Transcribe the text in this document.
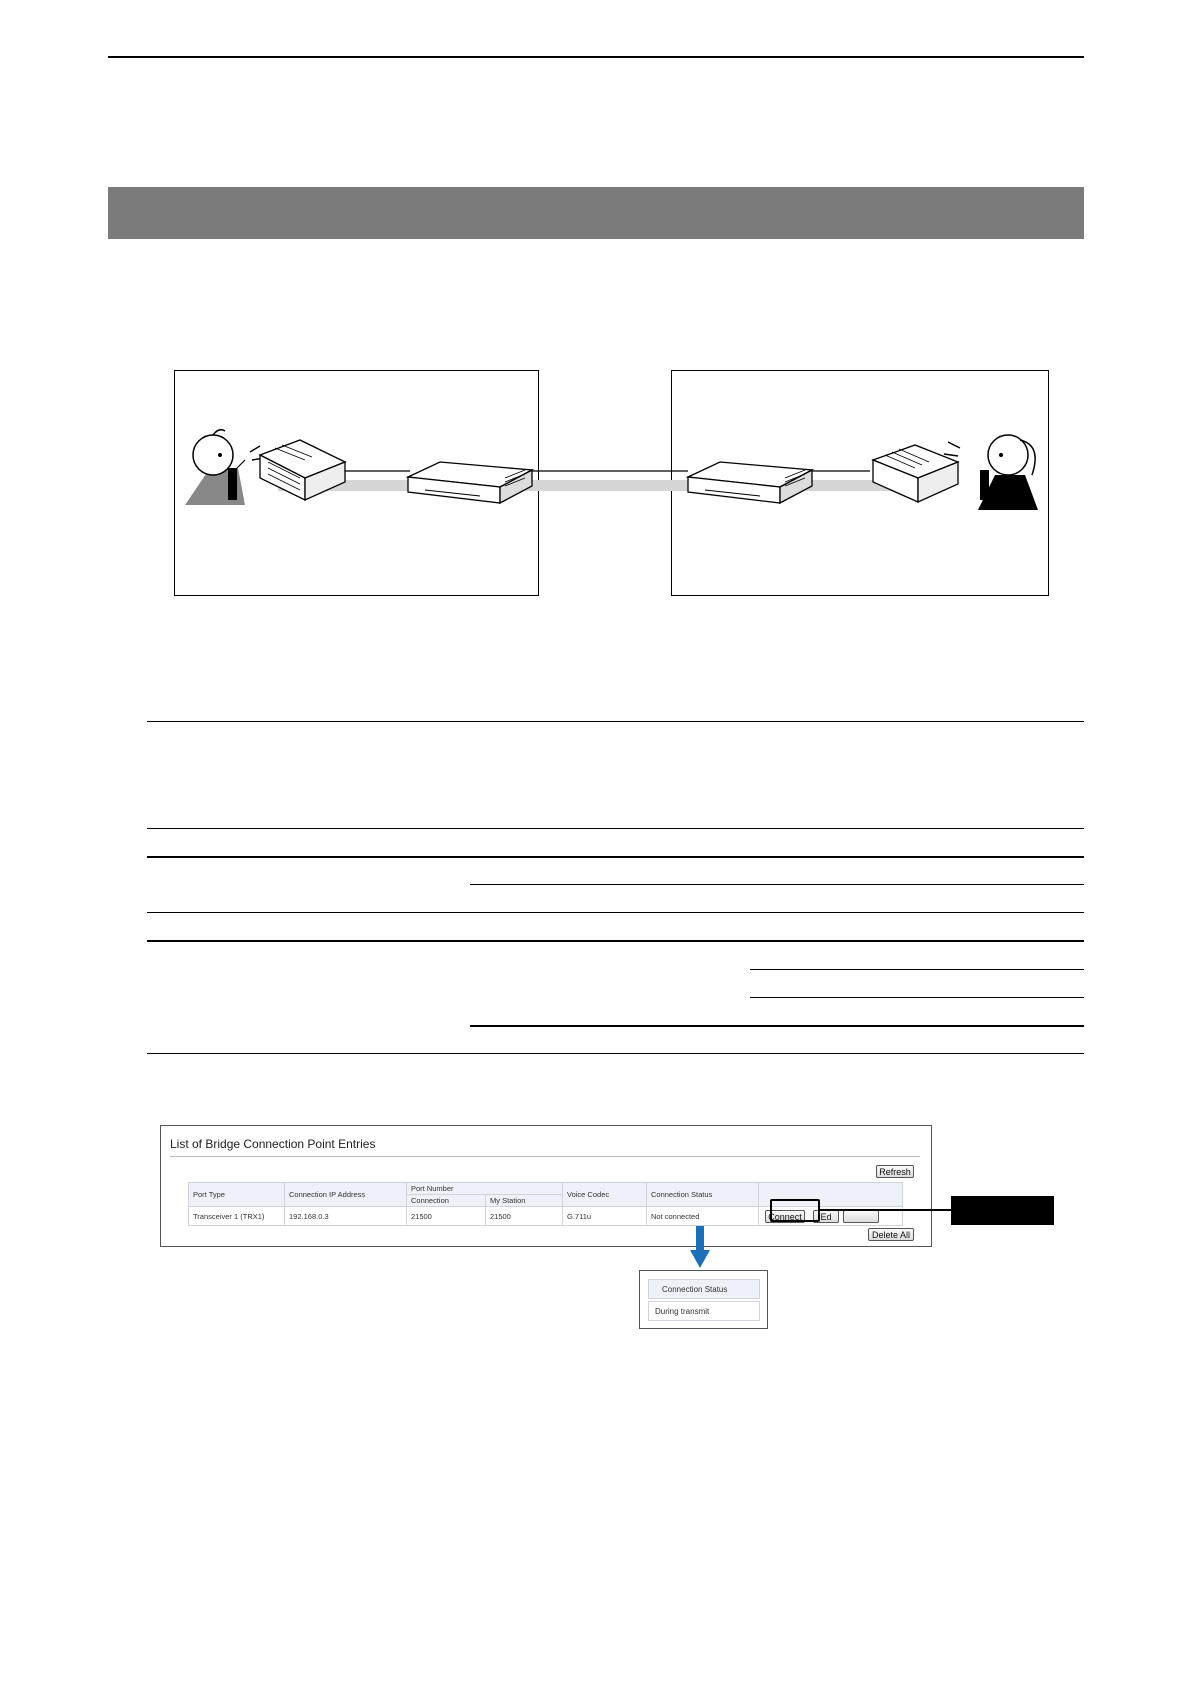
List of Bridge Connection Point Entries
Refresh
Port Type	Connection IP Address	Port Number		Voice Codec	Connection Status	
		Connection	My Station			
Transceiver 1 (TRX1)	192.168.0.3	21500	21500	G.711u	Not connected	Connect Ed
Delete All
Connection Status
During transmit
